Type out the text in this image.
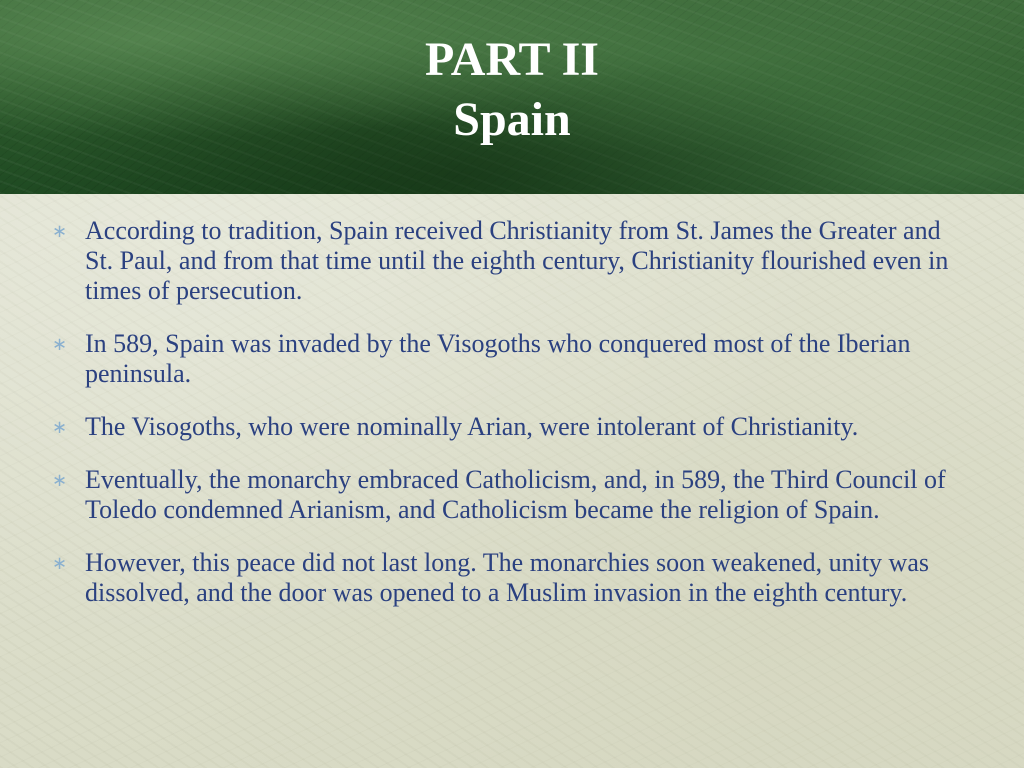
PART II
Spain
∗ According to tradition, Spain received Christianity from St. James the Greater and St. Paul, and from that time until the eighth century, Christianity flourished even in times of persecution.
∗ In 589, Spain was invaded by the Visogoths who conquered most of the Iberian peninsula.
∗ The Visogoths, who were nominally Arian, were intolerant of Christianity.
∗ Eventually, the monarchy embraced Catholicism, and, in 589, the Third Council of Toledo condemned Arianism, and Catholicism became the religion of Spain.
∗ However, this peace did not last long. The monarchies soon weakened, unity was dissolved, and the door was opened to a Muslim invasion in the eighth century.
